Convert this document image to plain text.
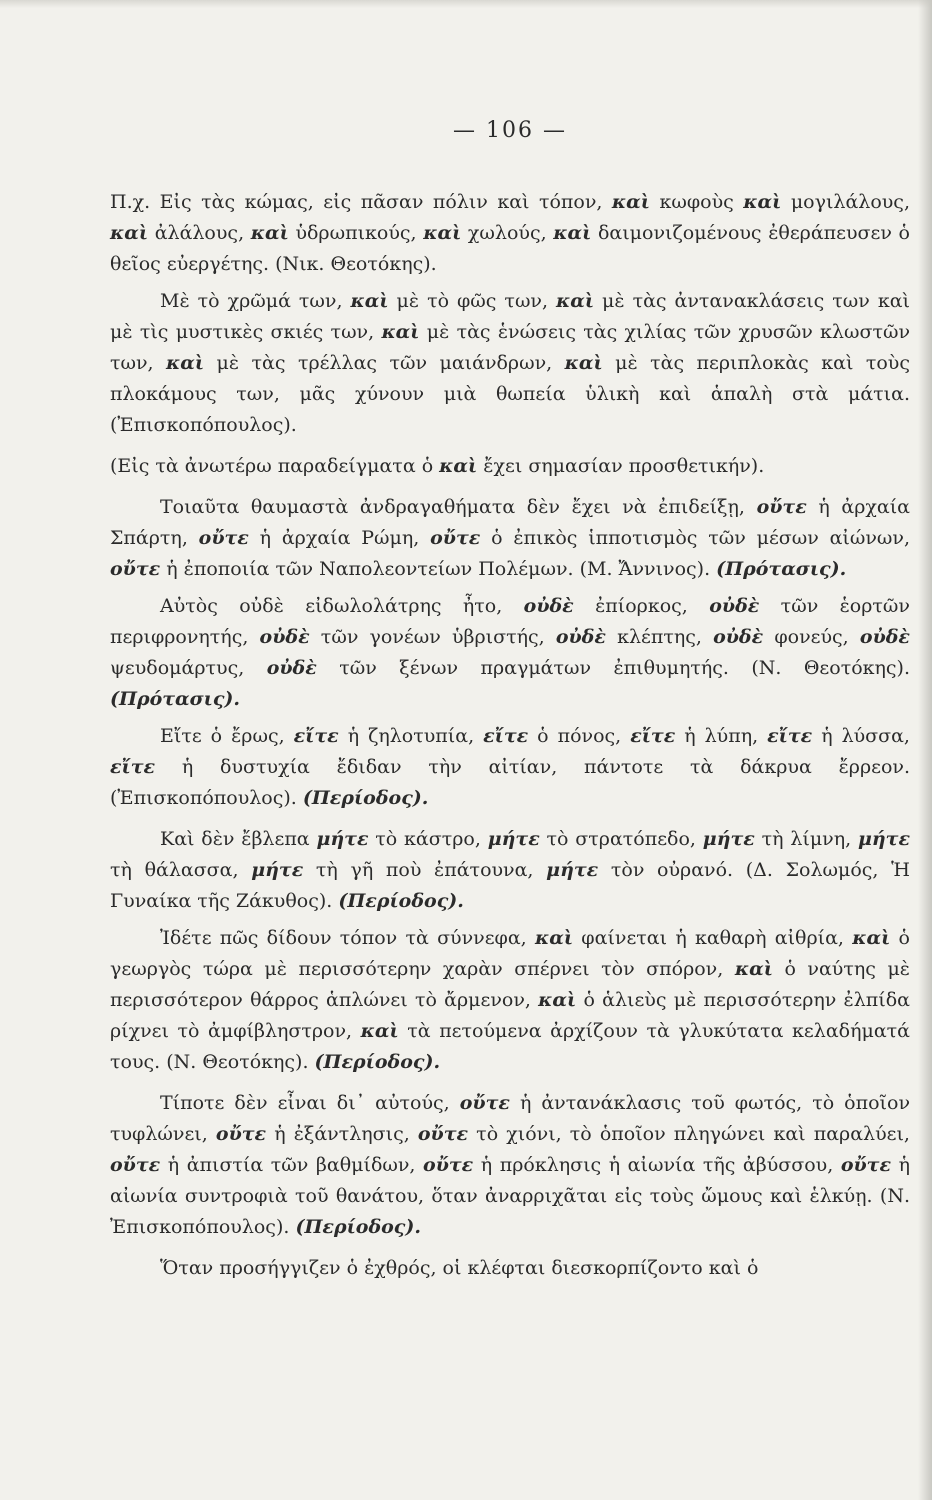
— 106 —

Π.χ. Εἰς τὰς κώμας, εἰς πᾶσαν πόλιν καὶ τόπον, καὶ κωφοὺς καὶ μογιλάλους, καὶ ἀλάλους, καὶ ὑδρωπικούς, καὶ χωλούς, καὶ δαιμονιζομένους ἐθεράπευσεν ὁ θεῖος εὐεργέτης. (Νικ. Θεοτόκης).

Μὲ τὸ χρῶμά των, καὶ μὲ τὸ φῶς των, καὶ μὲ τὰς ἀντανακλάσεις των καὶ μὲ τὶς μυστικὲς σκιές των, καὶ μὲ τὰς ἑνώσεις τὰς χιλίας τῶν χρυσῶν κλωστῶν των, καὶ μὲ τὰς τρέλλας τῶν μαιάνδρων, καὶ μὲ τὰς περιπλοκὰς καὶ τοὺς πλοκάμους των, μᾶς χύνουν μιὰ θωπεία ὑλικὴ καὶ ἁπαλὴ στὰ μάτια. (Ἐπισκοπόπουλος).

(Εἰς τὰ ἀνωτέρω παραδείγματα ὁ καὶ ἔχει σημασίαν προσθετικήν).

Τοιαῦτα θαυμαστὰ ἀνδραγαθήματα δὲν ἔχει νὰ ἐπιδείξῃ, οὔτε ἡ ἀρχαία Σπάρτη, οὔτε ἡ ἀρχαία Ρώμη, οὔτε ὁ ἐπικὸς ἱπποτισμὸς τῶν μέσων αἰώνων, οὔτε ἡ ἐποποιία τῶν Ναπολεοντείων Πολέμων. (Μ. Ἄννινος). (Πρότασις).

Αὐτὸς οὐδὲ εἰδωλολάτρης ἦτο, οὐδὲ ἐπίορκος, οὐδὲ τῶν ἑορτῶν περιφρονητής, οὐδὲ τῶν γονέων ὑβριστής, οὐδὲ κλέπτης, οὐδὲ φονεύς, οὐδὲ ψευδομάρτυς, οὐδὲ τῶν ξένων πραγμάτων ἐπιθυμητής. (Ν. Θεοτόκης). (Πρότασις).

Εἴτε ὁ ἔρως, εἴτε ἡ ζηλοτυπία, εἴτε ὁ πόνος, εἴτε ἡ λύπη, εἴτε ἡ λύσσα, εἴτε ἡ δυστυχία ἔδιδαν τὴν αἰτίαν, πάντοτε τὰ δάκρυα ἔρρεον. (Ἐπισκοπόπουλος). (Περίοδος).

Καὶ δὲν ἔβλεπα μήτε τὸ κάστρο, μήτε τὸ στρατόπεδο, μήτε τὴ λίμνη, μήτε τὴ θάλασσα, μήτε τὴ γῆ ποὺ ἐπάτουνα, μήτε τὸν οὐρανό. (Δ. Σολωμός, Ἡ Γυναίκα τῆς Ζάκυθος). (Περίοδος).

Ἰδέτε πῶς δίδουν τόπον τὰ σύννεφα, καὶ φαίνεται ἡ καθαρὴ αἰθρία, καὶ ὁ γεωργὸς τώρα μὲ περισσότερην χαρὰν σπέρνει τὸν σπόρον, καὶ ὁ ναύτης μὲ περισσότερον θάρρος ἁπλώνει τὸ ἄρμενον, καὶ ὁ ἁλιεὺς μὲ περισσότερην ἐλπίδα ρίχνει τὸ ἀμφίβληστρον, καὶ τὰ πετούμενα ἀρχίζουν τὰ γλυκύτατα κελαδήματά τους. (Ν. Θεοτόκης). (Περίοδος).

Τίποτε δὲν εἶναι δι᾿ αὐτούς, οὔτε ἡ ἀντανάκλασις τοῦ φωτός, τὸ ὁποῖον τυφλώνει, οὔτε ἡ ἐξάντλησις, οὔτε τὸ χιόνι, τὸ ὁποῖον πληγώνει καὶ παραλύει, οὔτε ἡ ἀπιστία τῶν βαθμίδων, οὔτε ἡ πρόκλησις ἡ αἰωνία τῆς ἀβύσσου, οὔτε ἡ αἰωνία συντροφιὰ τοῦ θανάτου, ὅταν ἀναρριχᾶται εἰς τοὺς ὤμους καὶ ἑλκύῃ. (Ν. Ἐπισκοπόπουλος). (Περίοδος).

Ὅταν προσήγγιζεν ὁ ἐχθρός, οἱ κλέφται διεσκορπίζοντο καὶ ὁ
